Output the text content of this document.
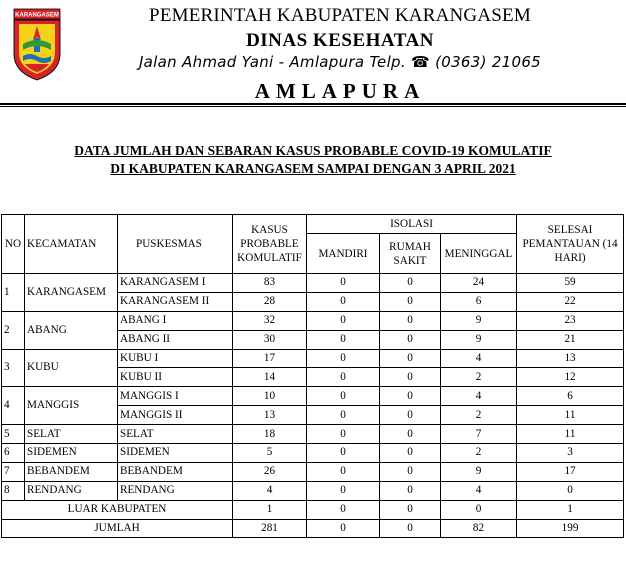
KARANGASEM	PEMERINTAH KABUPATEN KARANGASEM
DINAS KESEHATAN
Jalan Ahmad Yani - Amlapura Telp. ☎ (0363) 21065
AMLAPURA
DATA JUMLAH DAN SEBARAN KASUS PROBABLE COVID-19 KOMULATIF
DI KABUPATEN KARANGASEM SAMPAI DENGAN 3 APRIL 2021
NO	KECAMATAN	PUSKESMAS	KASUS PROBABLE KOMULATIF	ISOLASI			SELESAI PEMANTAUAN (14 HARI)
				MANDIRI	RUMAH SAKIT	MENINGGAL	
1	KARANGASEM	KARANGASEM I	83	0	0	24	59
		KARANGASEM II	28	0	0	6	22
2	ABANG	ABANG I	32	0	0	9	23
		ABANG II	30	0	0	9	21
3	KUBU	KUBU I	17	0	0	4	13
		KUBU II	14	0	0	2	12
4	MANGGIS	MANGGIS I	10	0	0	4	6
		MANGGIS II	13	0	0	2	11
5	SELAT	SELAT	18	0	0	7	11
6	SIDEMEN	SIDEMEN	5	0	0	2	3
7	BEBANDEM	BEBANDEM	26	0	0	9	17
8	RENDANG	RENDANG	4	0	0	4	0
LUAR KABUPATEN			1	0	0	0	1
JUMLAH			281	0	0	82	199
